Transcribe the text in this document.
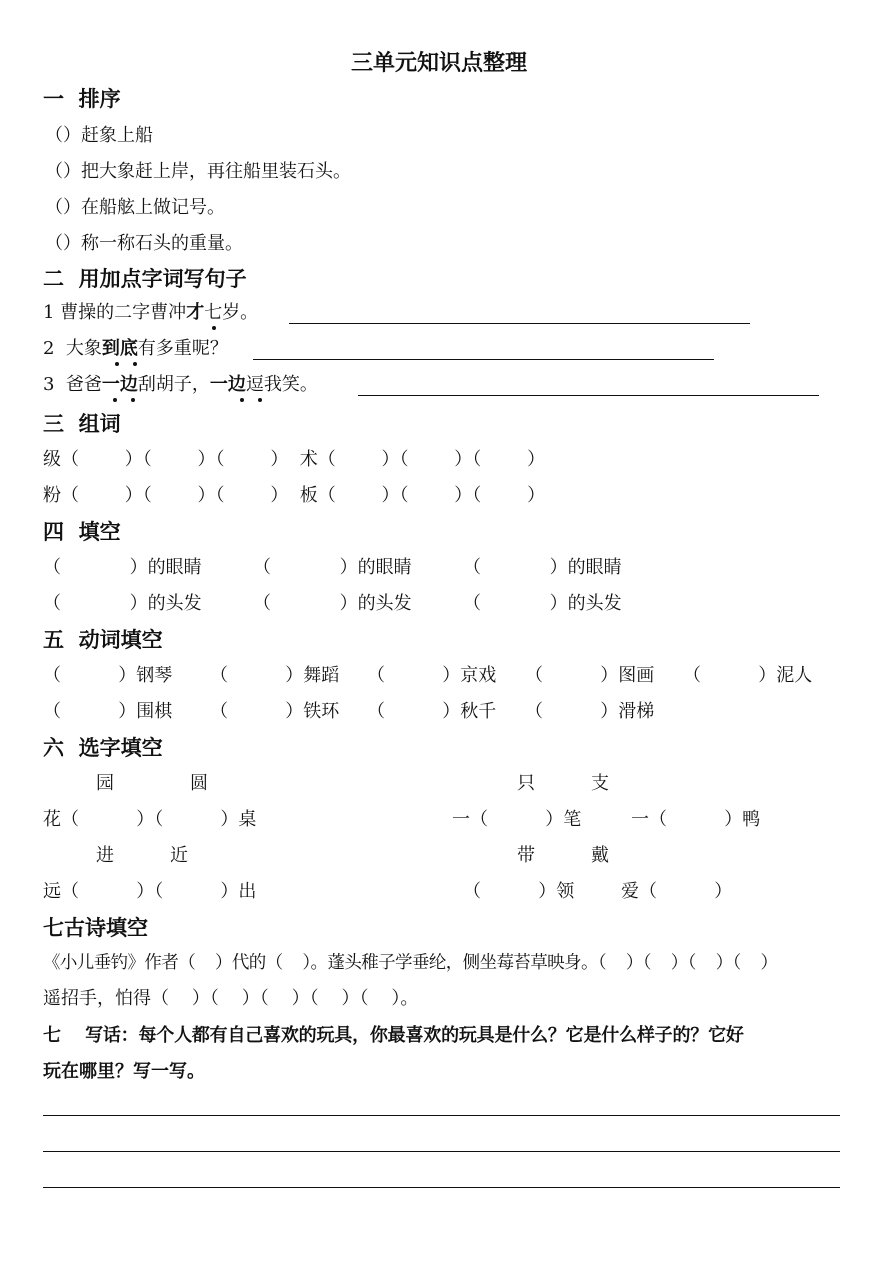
三单元知识点整理
一  排序
（）赶象上船
（）把大象赶上岸，再往船里装石头。
（）在船舷上做记号。
（）称一称石头的重量。
二  用加点字词写句子
1 曹操的二字曹冲才七岁。
2  大象到底有多重呢？
3  爸爸一边刮胡子，一边逗我笑。
三  组词
级（        ）（        ）（        ）  术（        ）（        ）（        ）
粉（        ）（        ）（        ）  板（        ）（        ）（        ）
四  填空
（            ）的眼睛	（            ）的眼睛	（            ）的眼睛
（            ）的头发	（            ）的头发	（            ）的头发
五  动词填空
（          ）钢琴 （          ）舞蹈 （          ）京戏 （          ）图画 （          ）泥人
（          ）围棋 （          ）铁环 （          ）秋千 （          ）滑梯
六  选字填空
园	圆	只	支
花（          ）（          ）桌	一（          ）笔	一（          ）鸭
进	近	带	戴
远（          ）（          ）出	（          ）领	爱（          ）
七古诗填空
《小儿垂钓》作者（    ）代的（    ）。蓬头稚子学垂纶，侧坐莓苔草映身。（    ）（    ）（    ）（    ）
遥招手，怕得（    ）（    ）（    ）（    ）（    ）。
七    写话：每个人都有自己喜欢的玩具，你最喜欢的玩具是什么？它是什么样子的？它好
玩在哪里？写一写。
